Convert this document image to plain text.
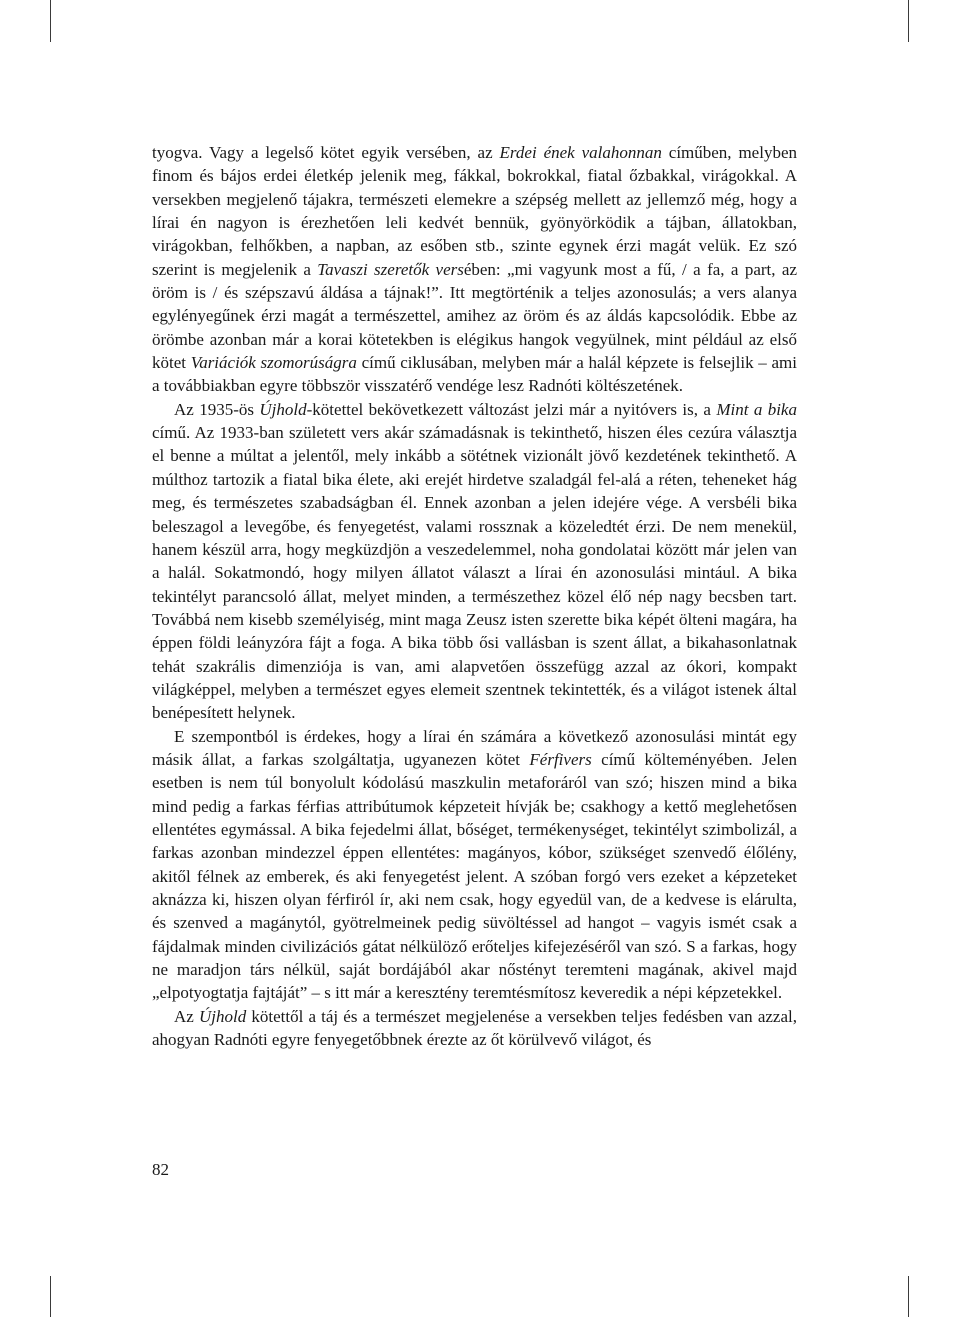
tyogva. Vagy a legelső kötet egyik versében, az Erdei ének valahonnan címűben, melyben finom és bájos erdei életkép jelenik meg, fákkal, bokrokkal, fiatal őzbakkal, virágokkal. A versekben megjelenő tájakra, természeti elemekre a szépség mellett az jellemző még, hogy a lírai én nagyon is érezhetően leli kedvét bennük, gyönyörködik a tájban, állatokban, virágokban, felhőkben, a napban, az esőben stb., szinte egynek érzi magát velük. Ez szó szerint is megjelenik a Tavaszi szeretők versében: „mi vagyunk most a fű, / a fa, a part, az öröm is / és szépszavú áldása a tájnak!”. Itt megtörténik a teljes azonosulás; a vers alanya egylényegűnek érzi magát a természettel, amihez az öröm és az áldás kapcsolódik. Ebbe az örömbe azonban már a korai kötetekben is elégikus hangok vegyülnek, mint például az első kötet Variációk szomorúságra című ciklusában, melyben már a halál képzete is felsejlik – ami a továbbiakban egyre többször visszatérő vendége lesz Radnóti költészetének.

Az 1935-ös Újhold-kötettel bekövetkezett változást jelzi már a nyitóvers is, a Mint a bika című. Az 1933-ban született vers akár számadásnak is tekinthető, hiszen éles cezúra választja el benne a múltat a jelentől, mely inkább a sötétnek vizionált jövő kezdetének tekinthető. A múlthoz tartozik a fiatal bika élete, aki erejét hirdetve szaladgál fel-alá a réten, teheneket hág meg, és természetes szabadságban él. Ennek azonban a jelen idejére vége. A versbéli bika beleszagol a levegőbe, és fenyegetést, valami rossznak a közeledtét érzi. De nem menekül, hanem készül arra, hogy megküzdjön a veszedelemmel, noha gondolatai között már jelen van a halál. Sokatmondó, hogy milyen állatot választ a lírai én azonosulási mintául. A bika tekintélyt parancsoló állat, melyet minden, a természethez közel élő nép nagy becsben tart. Továbbá nem kisebb személyiség, mint maga Zeusz isten szerette bika képét ölteni magára, ha éppen földi leányzóra fájt a foga. A bika több ősi vallásban is szent állat, a bikahasonlatnak tehát szakrális dimenziója is van, ami alapvetően összefügg azzal az ókori, kompakt világképpel, melyben a természet egyes elemeit szentnek tekintették, és a világot istenek által benépesített helynek.

E szempontból is érdekes, hogy a lírai én számára a következő azonosulási mintát egy másik állat, a farkas szolgáltatja, ugyanezen kötet Férfivers című költeményében. Jelen esetben is nem túl bonyolult kódolású maszkulin metaforáról van szó; hiszen mind a bika mind pedig a farkas férfias attribútumok képzeteit hívják be; csakhogy a kettő meglehetősen ellentétes egymással. A bika fejedelmi állat, bőséget, termékenységet, tekintélyt szimbolizál, a farkas azonban mindezzel éppen ellentétes: magányos, kóbor, szükséget szenvedő élőlény, akitől félnek az emberek, és aki fenyegetést jelent. A szóban forgó vers ezeket a képzeteket aknázza ki, hiszen olyan férfiról ír, aki nem csak, hogy egyedül van, de a kedvese is elárulta, és szenved a magánytól, gyötrelmeinek pedig süvöltéssel ad hangot – vagyis ismét csak a fájdalmak minden civilizációs gátat nélkülöző erőteljes kifejezéséről van szó. S a farkas, hogy ne maradjon társ nélkül, saját bordájából akar nőstényt teremteni magának, akivel majd „elpotyogtatja fajtáját” – s itt már a keresztény teremtésmítosz keveredik a népi képzetekkel.

Az Újhold kötettől a táj és a természet megjelenése a versekben teljes fedésben van azzal, ahogyan Radnóti egyre fenyegetőbbnek érezte az őt körülvevő világot, és

82
